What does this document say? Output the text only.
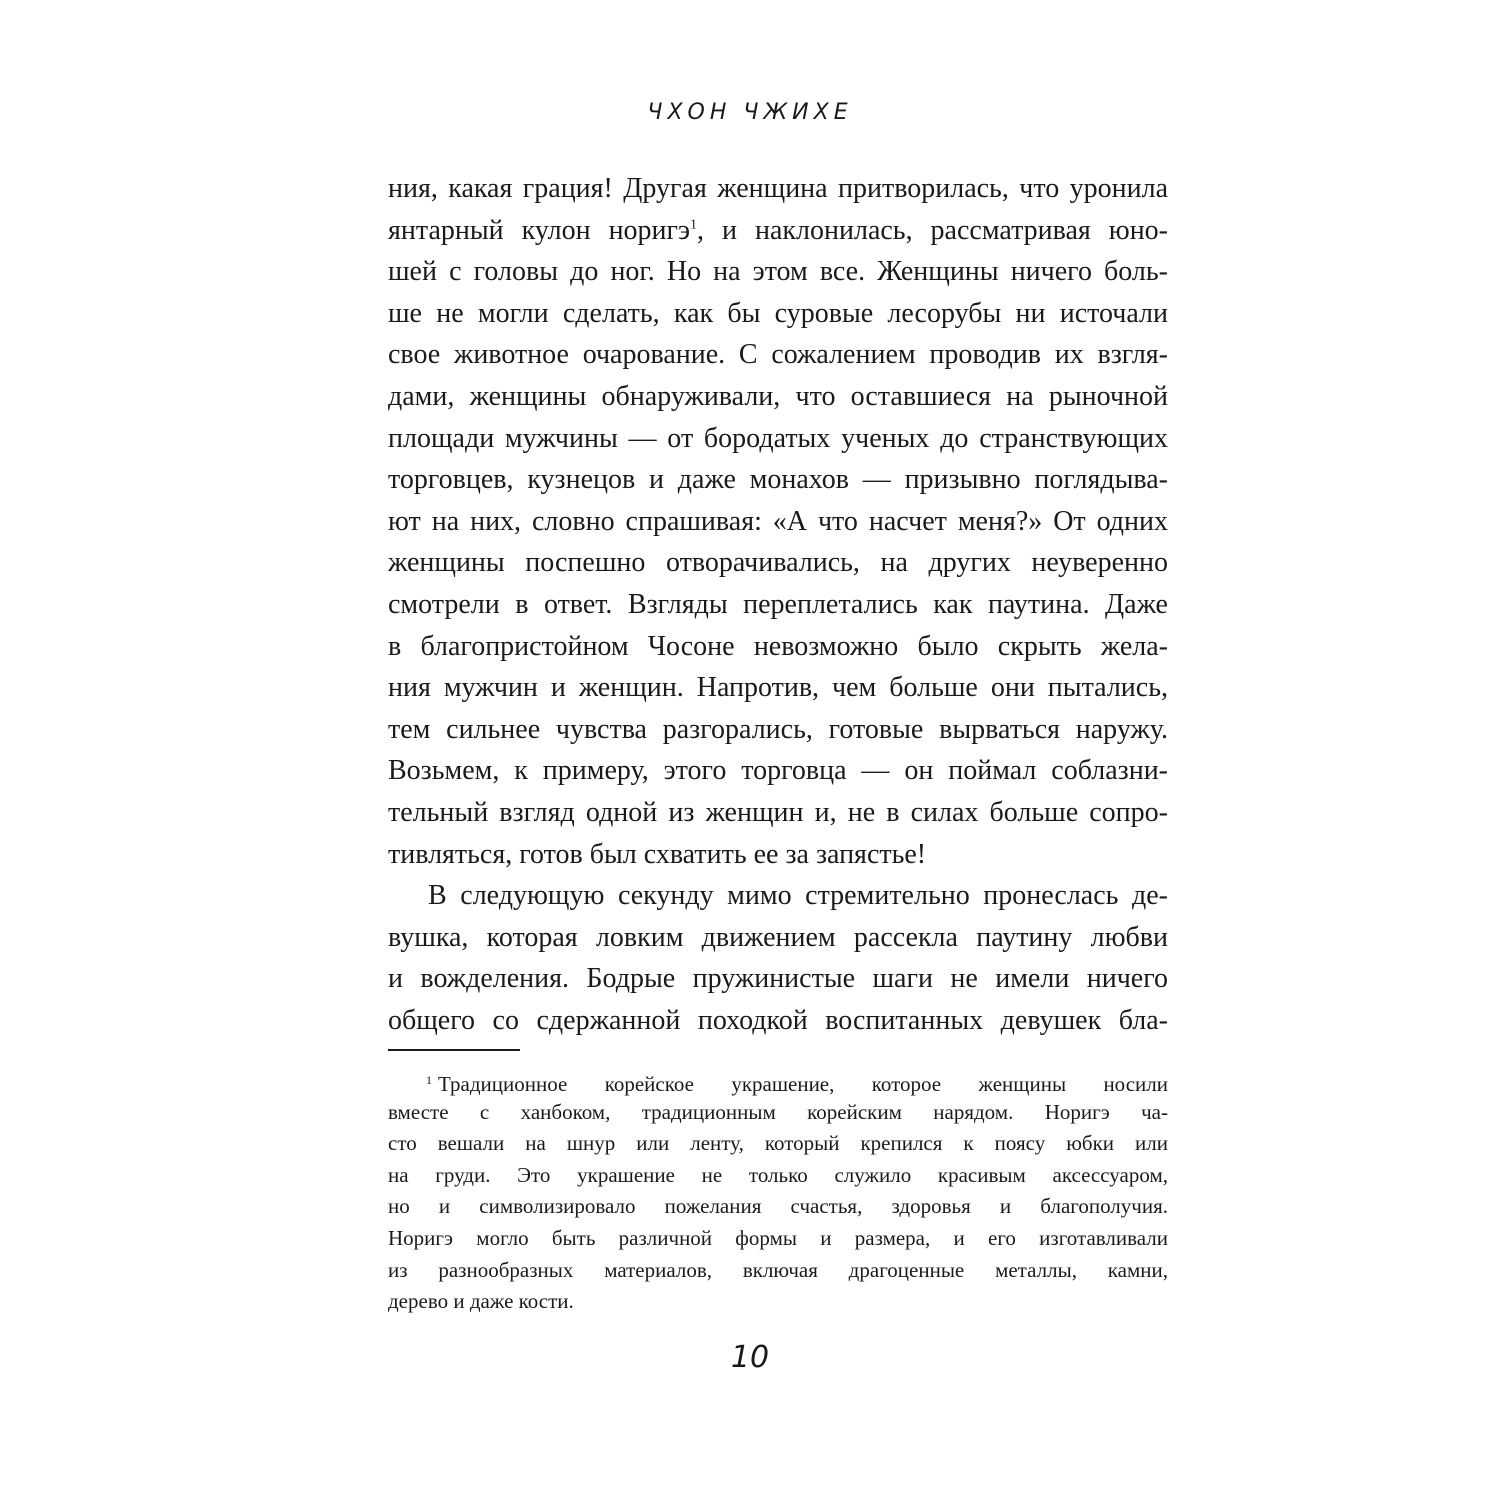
ЧХОН ЧЖИХЕ
ния, какая грация! Другая женщина притворилась, что уронила
янтарный кулон норигэ$^1$, и наклонилась, рассматривая юно-
шей с головы до ног. Но на этом все. Женщины ничего боль-
ше не могли сделать, как бы суровые лесорубы ни источали
свое животное очарование. С сожалением проводив их взгля-
дами, женщины обнаруживали, что оставшиеся на рыночной
площади мужчины — от бородатых ученых до странствующих
торговцев, кузнецов и даже монахов — призывно поглядыва-
ют на них, словно спрашивая: «А что насчет меня?» От одних
женщины поспешно отворачивались, на других неуверенно
смотрели в ответ. Взгляды переплетались как паутина. Даже
в благопристойном Чосоне невозможно было скрыть жела-
ния мужчин и женщин. Напротив, чем больше они пытались,
тем сильнее чувства разгорались, готовые вырваться наружу.
Возьмем, к примеру, этого торговца — он поймал соблазни-
тельный взгляд одной из женщин и, не в силах больше сопро-
тивляться, готов был схватить ее за запястье!
В следующую секунду мимо стремительно пронеслась де-
вушка, которая ловким движением рассекла паутину любви
и вожделения. Бодрые пружинистые шаги не имели ничего
общего со сдержанной походкой воспитанных девушек бла-
$^1$ Традиционное корейское украшение, которое женщины носили
вместе с ханбоком, традиционным корейским нарядом. Норигэ ча-
сто вешали на шнур или ленту, который крепился к поясу юбки или
на груди. Это украшение не только служило красивым аксессуаром,
но и символизировало пожелания счастья, здоровья и благополучия.
Норигэ могло быть различной формы и размера, и его изготавливали
из разнообразных материалов, включая драгоценные металлы, камни,
дерево и даже кости.
10
